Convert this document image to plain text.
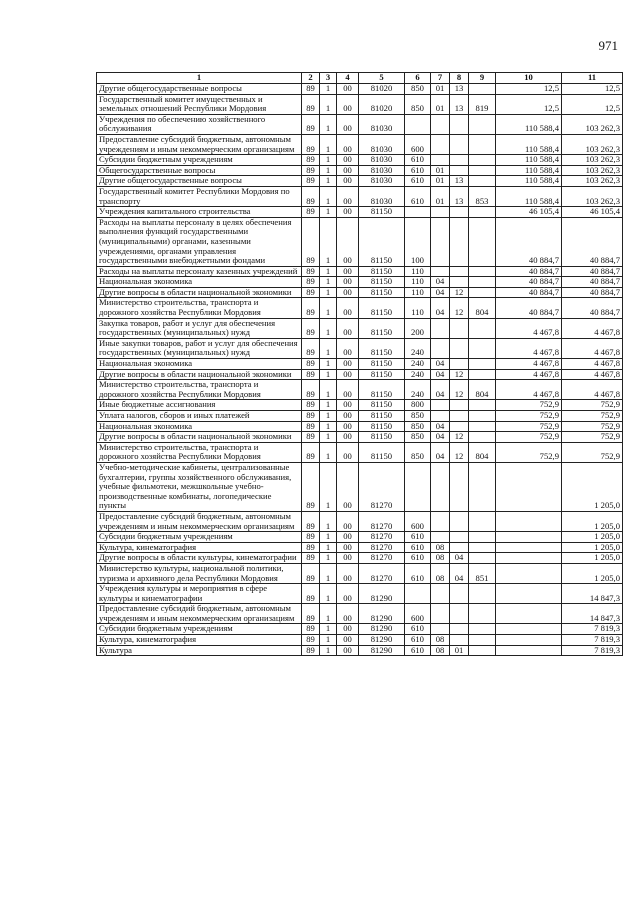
971
1	2	3	4	5	6	7	8	9	10	11
Другие общегосударственные вопросы	89	1	00	81020	850	01	13		12,5	12,5
Государственный комитет имущественных и земельных отношений Республики Мордовия	89	1	00	81020	850	01	13	819	12,5	12,5
Учреждения по обеспечению хозяйственного обслуживания	89	1	00	81030					110 588,4	103 262,3
Предоставление субсидий бюджетным, автономным учреждениям и иным некоммерческим организациям	89	1	00	81030	600				110 588,4	103 262,3
Субсидии бюджетным учреждениям	89	1	00	81030	610				110 588,4	103 262,3
Общегосударственные вопросы	89	1	00	81030	610	01			110 588,4	103 262,3
Другие общегосударственные вопросы	89	1	00	81030	610	01	13		110 588,4	103 262,3
Государственный комитет Республики Мордовия по транспорту	89	1	00	81030	610	01	13	853	110 588,4	103 262,3
Учреждения капитального строительства	89	1	00	81150					46 105,4	46 105,4
Расходы на выплаты персоналу в целях обеспечения выполнения функций государственными (муниципальными) органами, казенными учреждениями, органами управления государственными внебюджетными фондами	89	1	00	81150	100				40 884,7	40 884,7
Расходы на выплаты персоналу казенных учреждений	89	1	00	81150	110				40 884,7	40 884,7
Национальная экономика	89	1	00	81150	110	04			40 884,7	40 884,7
Другие вопросы в области национальной экономики	89	1	00	81150	110	04	12		40 884,7	40 884,7
Министерство строительства, транспорта и дорожного хозяйства Республики Мордовия	89	1	00	81150	110	04	12	804	40 884,7	40 884,7
Закупка товаров, работ и услуг для обеспечения государственных (муниципальных) нужд	89	1	00	81150	200				4 467,8	4 467,8
Иные закупки товаров, работ и услуг для обеспечения государственных (муниципальных) нужд	89	1	00	81150	240				4 467,8	4 467,8
Национальная экономика	89	1	00	81150	240	04			4 467,8	4 467,8
Другие вопросы в области национальной экономики	89	1	00	81150	240	04	12		4 467,8	4 467,8
Министерство строительства, транспорта и дорожного хозяйства Республики Мордовия	89	1	00	81150	240	04	12	804	4 467,8	4 467,8
Иные бюджетные ассигнования	89	1	00	81150	800				752,9	752,9
Уплата налогов, сборов и иных платежей	89	1	00	81150	850				752,9	752,9
Национальная экономика	89	1	00	81150	850	04			752,9	752,9
Другие вопросы в области национальной экономики	89	1	00	81150	850	04	12		752,9	752,9
Министерство строительства, транспорта и дорожного хозяйства Республики Мордовия	89	1	00	81150	850	04	12	804	752,9	752,9
Учебно-методические кабинеты, централизованные бухгалтерии, группы хозяйственного обслуживания, учебные фильмотеки, межшкольные учебно-производственные комбинаты, логопедические пункты	89	1	00	81270						1 205,0
Предоставление субсидий бюджетным, автономным учреждениям и иным некоммерческим организациям	89	1	00	81270	600					1 205,0
Субсидии бюджетным учреждениям	89	1	00	81270	610					1 205,0
Культура, кинематография	89	1	00	81270	610	08				1 205,0
Другие вопросы в области культуры, кинематографии	89	1	00	81270	610	08	04			1 205,0
Министерство культуры, национальной политики, туризма и архивного дела Республики Мордовия	89	1	00	81270	610	08	04	851		1 205,0
Учреждения культуры и мероприятия в сфере культуры и кинематографии	89	1	00	81290						14 847,3
Предоставление субсидий бюджетным, автономным учреждениям и иным некоммерческим организациям	89	1	00	81290	600					14 847,3
Субсидии бюджетным учреждениям	89	1	00	81290	610					7 819,3
Культура, кинематография	89	1	00	81290	610	08				7 819,3
Культура	89	1	00	81290	610	08	01			7 819,3
